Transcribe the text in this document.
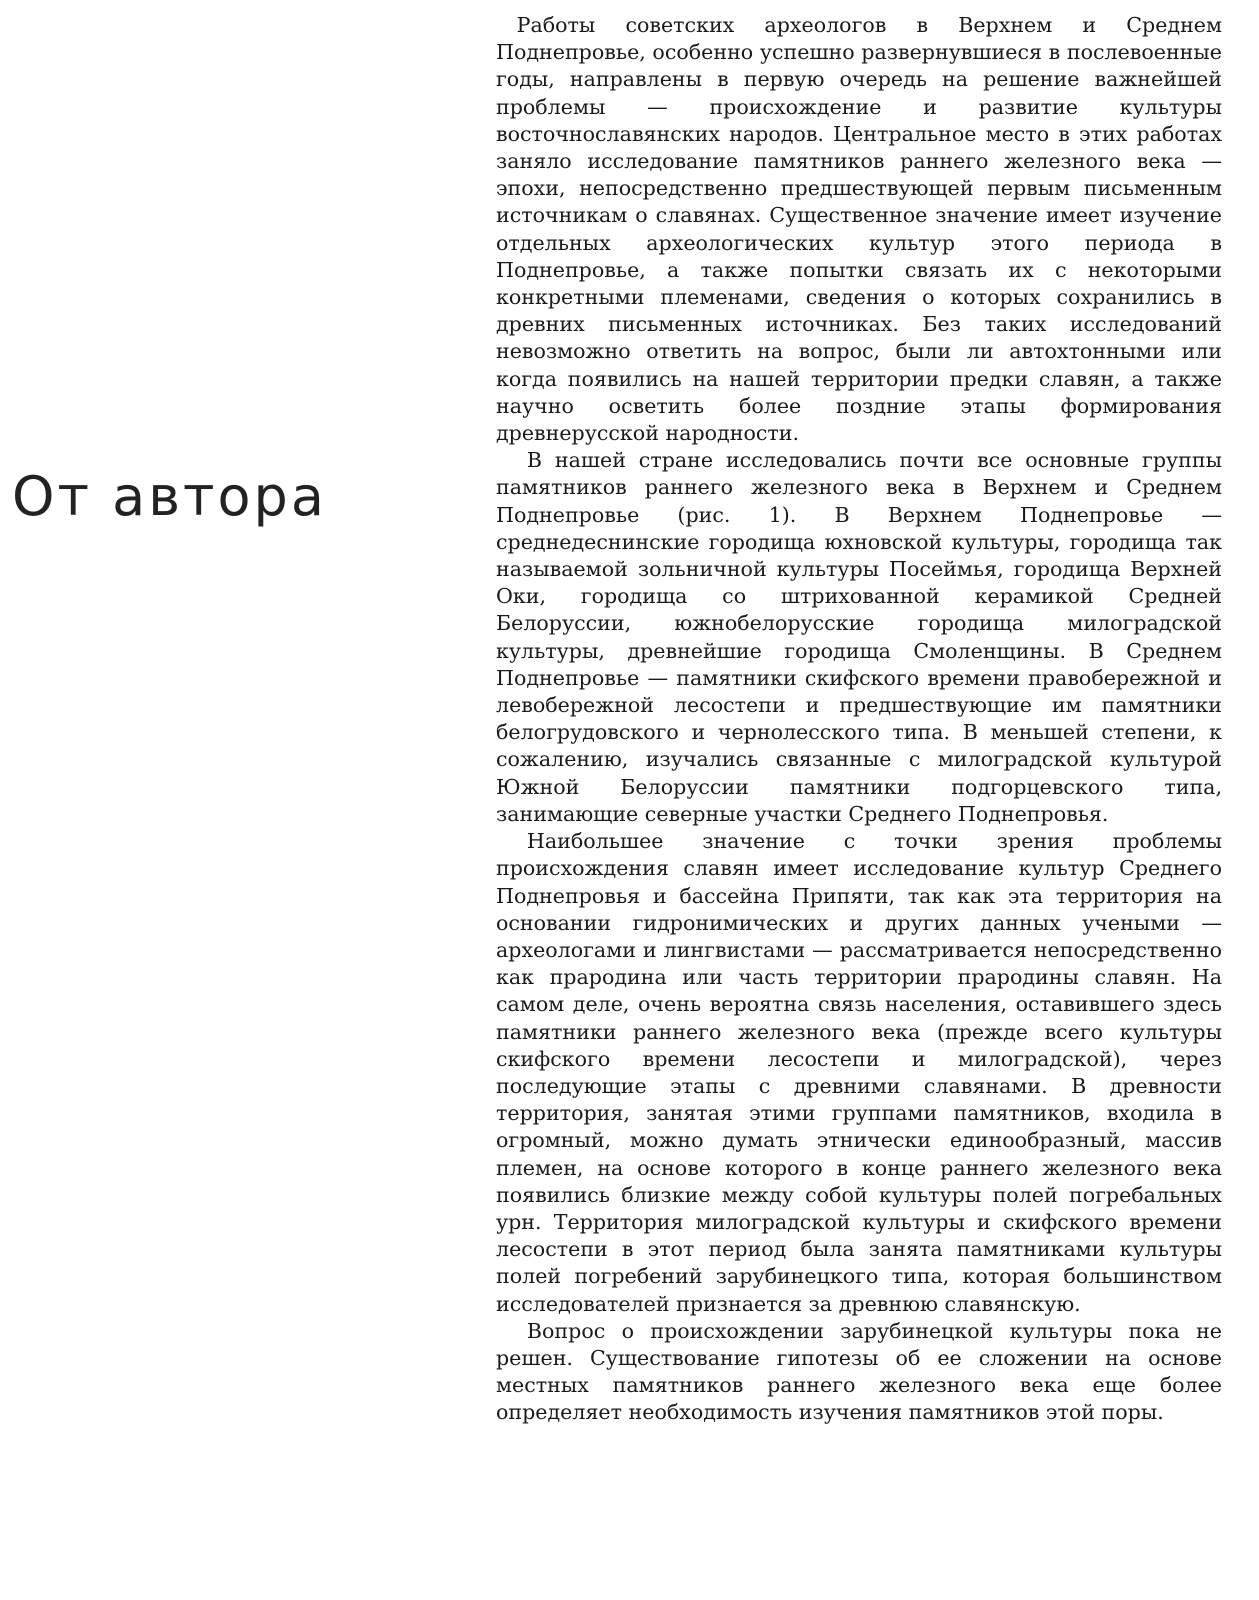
От автора

Работы советских археологов в Верхнем и Среднем Поднепровье, особенно успешно развернувшиеся в послевоенные годы, направлены в первую очередь на решение важнейшей проблемы — происхождение и развитие культуры восточнославянских народов. Центральное место в этих работах заняло исследование памятников раннего железного века — эпохи, непосредственно предшествующей первым письменным источникам о славянах. Существенное значение имеет изучение отдельных археологических культур этого периода в Поднепровье, а также попытки связать их с некоторыми конкретными племенами, сведения о которых сохранились в древних письменных источниках. Без таких исследований невозможно ответить на вопрос, были ли автохтонными или когда появились на нашей территории предки славян, а также научно осветить более поздние этапы формирования древнерусской народности.

В нашей стране исследовались почти все основные группы памятников раннего железного века в Верхнем и Среднем Поднепровье (рис. 1). В Верхнем Поднепровье — среднедеснинские городища юхновской культуры, городища так называемой зольничной культуры Посеймья, городища Верхней Оки, городища со штрихованной керамикой Средней Белоруссии, южнобелорусские городища милоградской культуры, древнейшие городища Смоленщины. В Среднем Поднепровье — памятники скифского времени правобережной и левобережной лесостепи и предшествующие им памятники белогрудовского и чернолесского типа. В меньшей степени, к сожалению, изучались связанные с милоградской культурой Южной Белоруссии памятники подгорцевского типа, занимающие северные участки Среднего Поднепровья.

Наибольшее значение с точки зрения проблемы происхождения славян имеет исследование культур Среднего Поднепровья и бассейна Припяти, так как эта территория на основании гидронимических и других данных учеными — археологами и лингвистами — рассматривается непосредственно как прародина или часть территории прародины славян. На самом деле, очень вероятна связь населения, оставившего здесь памятники раннего железного века (прежде всего культуры скифского времени лесостепи и милоградской), через последующие этапы с древними славянами. В древности территория, занятая этими группами памятников, входила в огромный, можно думать этнически единообразный, массив племен, на основе которого в конце раннего железного века появились близкие между собой культуры полей погребальных урн. Территория милоградской культуры и скифского времени лесостепи в этот период была занята памятниками культуры полей погребений зарубинецкого типа, которая большинством исследователей признается за древнюю славянскую.

Вопрос о происхождении зарубинецкой культуры пока не решен. Существование гипотезы об ее сложении на основе местных памятников раннего железного века еще более определяет необходимость изучения памятников этой поры.
